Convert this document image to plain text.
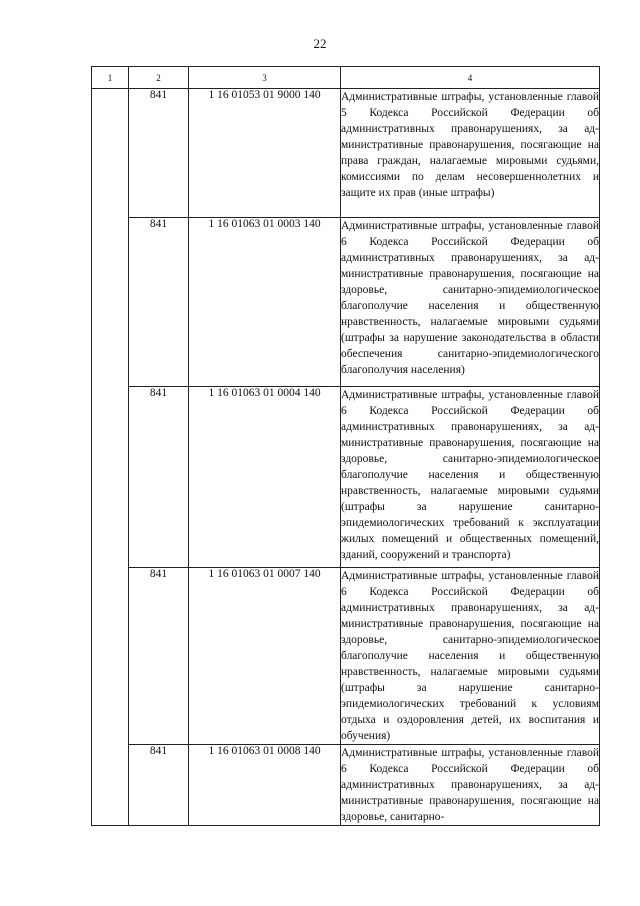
22
1	2	3	4
	841	1 16 01053 01 9000 140	Административные штрафы, установленные главой 5 Кодекса Российской Федерации об административных правонарушениях, за административные правонарушения, посягающие на права граждан, налагаемые мировыми судьями, комиссиями по делам несовершеннолетних и защите их прав (иные штрафы)
	841	1 16 01063 01 0003 140	Административные штрафы, установленные главой 6 Кодекса Российской Федерации об административных правонарушениях, за административные правонарушения, посягающие на здоровье, санитарно-эпидемиологическое благополучие населения и общественную нравственность, налагаемые мировыми судьями (штрафы за нарушение законодательства в области обеспечения санитарно-эпидемиологического благополучия населения)
	841	1 16 01063 01 0004 140	Административные штрафы, установленные главой 6 Кодекса Российской Федерации об административных правонарушениях, за административные правонарушения, посягающие на здоровье, санитарно-эпидемиологическое благополучие населения и общественную нравственность, налагаемые мировыми судьями (штрафы за нарушение санитарно-эпидемиологических требований к эксплуатации жилых помещений и общественных помещений, зданий, сооружений и транспорта)
	841	1 16 01063 01 0007 140	Административные штрафы, установленные главой 6 Кодекса Российской Федерации об административных правонарушениях, за административные правонарушения, посягающие на здоровье, санитарно-эпидемиологическое благополучие населения и общественную нравственность, налагаемые мировыми судьями (штрафы за нарушение санитарно-эпидемиологических требований к условиям отдыха и оздоровления детей, их воспитания и обучения)
	841	1 16 01063 01 0008 140	Административные штрафы, установленные главой 6 Кодекса Российской Федерации об административных правонарушениях, за административные правонарушения, посягающие на здоровье, санитарно-
